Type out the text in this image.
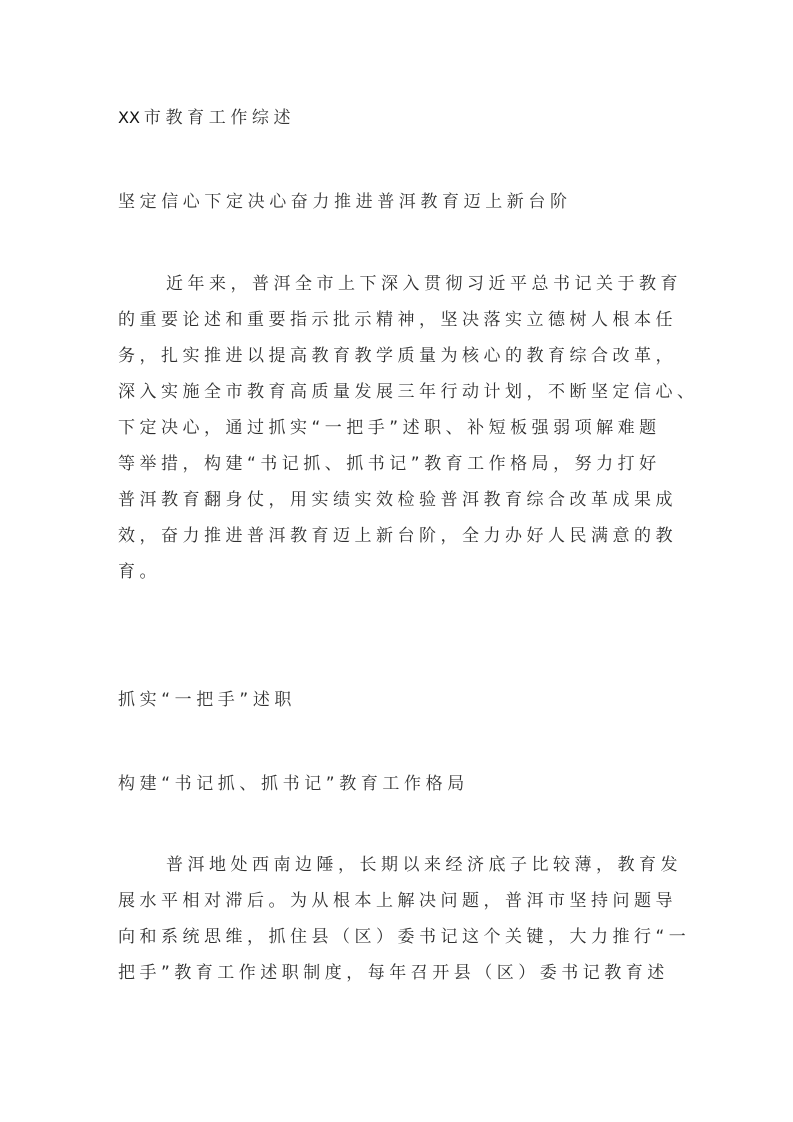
XX 市教育工作综述
坚定信心下定决心奋力推进普洱教育迈上新台阶
近年来，普洱全市上下深入贯彻习近平总书记关于教育
的重要论述和重要指示批示精神，坚决落实立德树人根本任
务，扎实推进以提高教育教学质量为核心的教育综合改革，
深入实施全市教育高质量发展三年行动计划，不断坚定信心、
下定决心，通过抓实“一把手”述职、补短板强弱项解难题
等举措，构建“书记抓、抓书记”教育工作格局，努力打好
普洱教育翻身仗，用实绩实效检验普洱教育综合改革成果成
效，奋力推进普洱教育迈上新台阶，全力办好人民满意的教
育。
抓实“一把手”述职
构建“书记抓、抓书记”教育工作格局
普洱地处西南边陲，长期以来经济底子比较薄，教育发
展水平相对滞后。为从根本上解决问题，普洱市坚持问题导
向和系统思维，抓住县（区）委书记这个关键，大力推行“一
把手”教育工作述职制度，每年召开县（区）委书记教育述
